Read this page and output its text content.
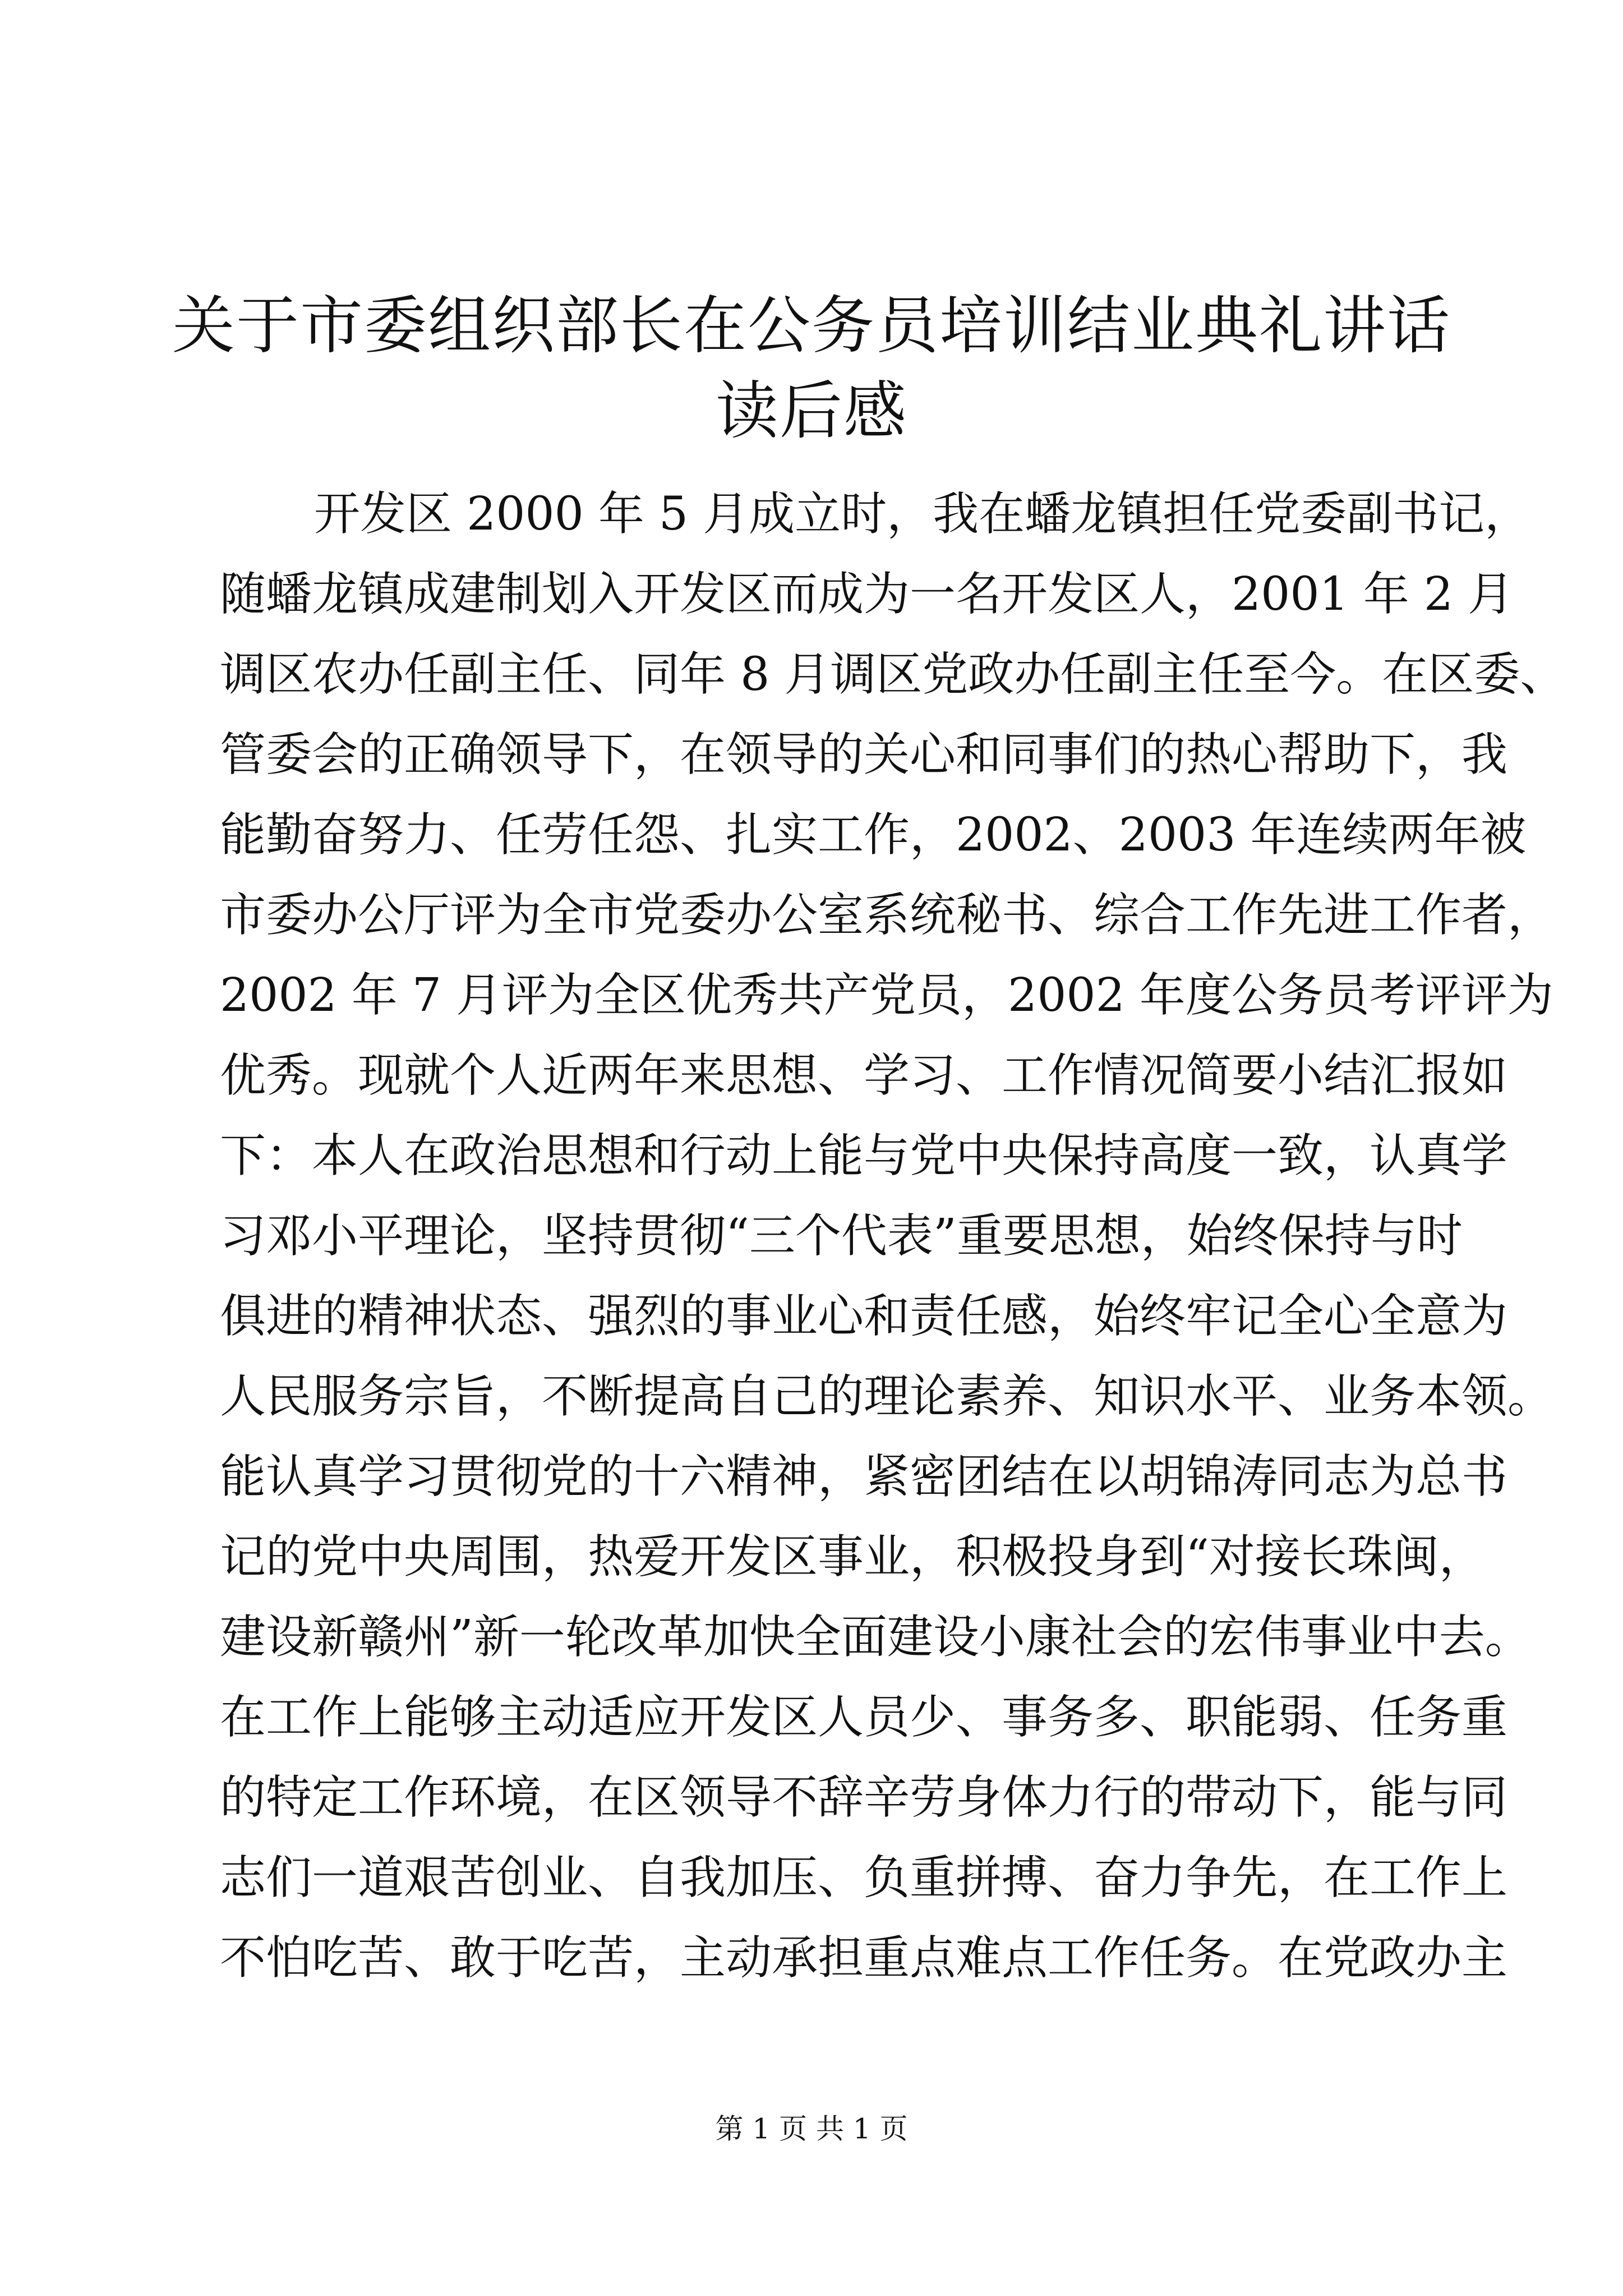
关于市委组织部长在公务员培训结业典礼讲话
读后感
开发区 2000 年 5 月成立时，我在蟠龙镇担任党委副书记，
随蟠龙镇成建制划入开发区而成为一名开发区人，2001 年 2 月
调区农办任副主任、同年 8 月调区党政办任副主任至今。在区委、
管委会的正确领导下，在领导的关心和同事们的热心帮助下，我
能勤奋努力、任劳任怨、扎实工作，2002、2003 年连续两年被
市委办公厅评为全市党委办公室系统秘书、综合工作先进工作者，
2002 年 7 月评为全区优秀共产党员，2002 年度公务员考评评为
优秀。现就个人近两年来思想、学习、工作情况简要小结汇报如
下：本人在政治思想和行动上能与党中央保持高度一致，认真学
习邓小平理论，坚持贯彻“三个代表”重要思想，始终保持与时
俱进的精神状态、强烈的事业心和责任感，始终牢记全心全意为
人民服务宗旨，不断提高自己的理论素养、知识水平、业务本领。
能认真学习贯彻党的十六精神，紧密团结在以胡锦涛同志为总书
记的党中央周围，热爱开发区事业，积极投身到“对接长珠闽，
建设新赣州”新一轮改革加快全面建设小康社会的宏伟事业中去。
在工作上能够主动适应开发区人员少、事务多、职能弱、任务重
的特定工作环境，在区领导不辞辛劳身体力行的带动下，能与同
志们一道艰苦创业、自我加压、负重拼搏、奋力争先，在工作上
不怕吃苦、敢于吃苦，主动承担重点难点工作任务。在党政办主
第 1 页 共 1 页
